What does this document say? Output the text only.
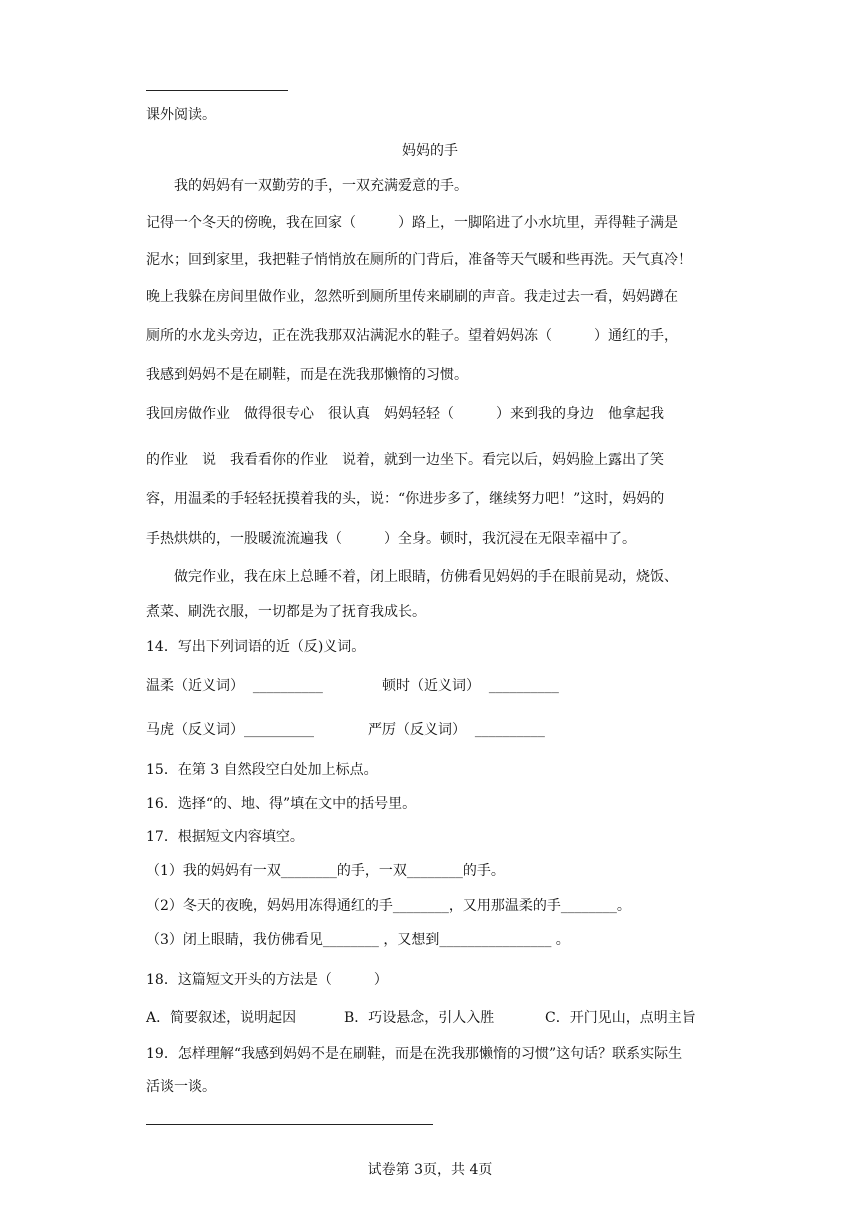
课外阅读。
妈妈的手
我的妈妈有一双勤劳的手，一双充满爱意的手。
记得一个冬天的傍晚，我在回家（　　　）路上，一脚陷进了小水坑里，弄得鞋子满是
泥水；回到家里，我把鞋子悄悄放在厕所的门背后，准备等天气暖和些再洗。天气真冷！
晚上我躲在房间里做作业，忽然听到厕所里传来刷刷的声音。我走过去一看，妈妈蹲在
厕所的水龙头旁边，正在洗我那双沾满泥水的鞋子。望着妈妈冻（　　　）通红的手，
我感到妈妈不是在刷鞋，而是在洗我那懒惰的习惯。
我回房做作业　做得很专心　很认真　妈妈轻轻（　　　）来到我的身边　他拿起我
的作业　说　我看看你的作业　说着，就到一边坐下。看完以后，妈妈脸上露出了笑
容，用温柔的手轻轻抚摸着我的头，说：“你进步多了，继续努力吧！”这时，妈妈的
手热烘烘的，一股暖流流遍我（　　　）全身。顿时，我沉浸在无限幸福中了。
做完作业，我在床上总睡不着，闭上眼睛，仿佛看见妈妈的手在眼前晃动，烧饭、
煮菜、刷洗衣服，一切都是为了抚育我成长。
14．写出下列词语的近（反)义词。
温柔（近义词）  __________	顿时（近义词）  __________
马虎（反义词）__________	严厉（反义词）  __________
15．在第 3 自然段空白处加上标点。
16．选择“的、地、得”填在文中的括号里。
17．根据短文内容填空。
（1）我的妈妈有一双________的手，一双________的手。
（2）冬天的夜晚，妈妈用冻得通红的手________，又用那温柔的手________。
（3）闭上眼睛，我仿佛看见________ ，又想到________________ 。
18．这篇短文开头的方法是（　　　）
A．简要叙述，说明起因	B．巧设悬念，引人入胜	C．开门见山，点明主旨
19．怎样理解“我感到妈妈不是在刷鞋，而是在洗我那懒惰的习惯”这句话？联系实际生
活谈一谈。
试卷第 3页，共 4页
